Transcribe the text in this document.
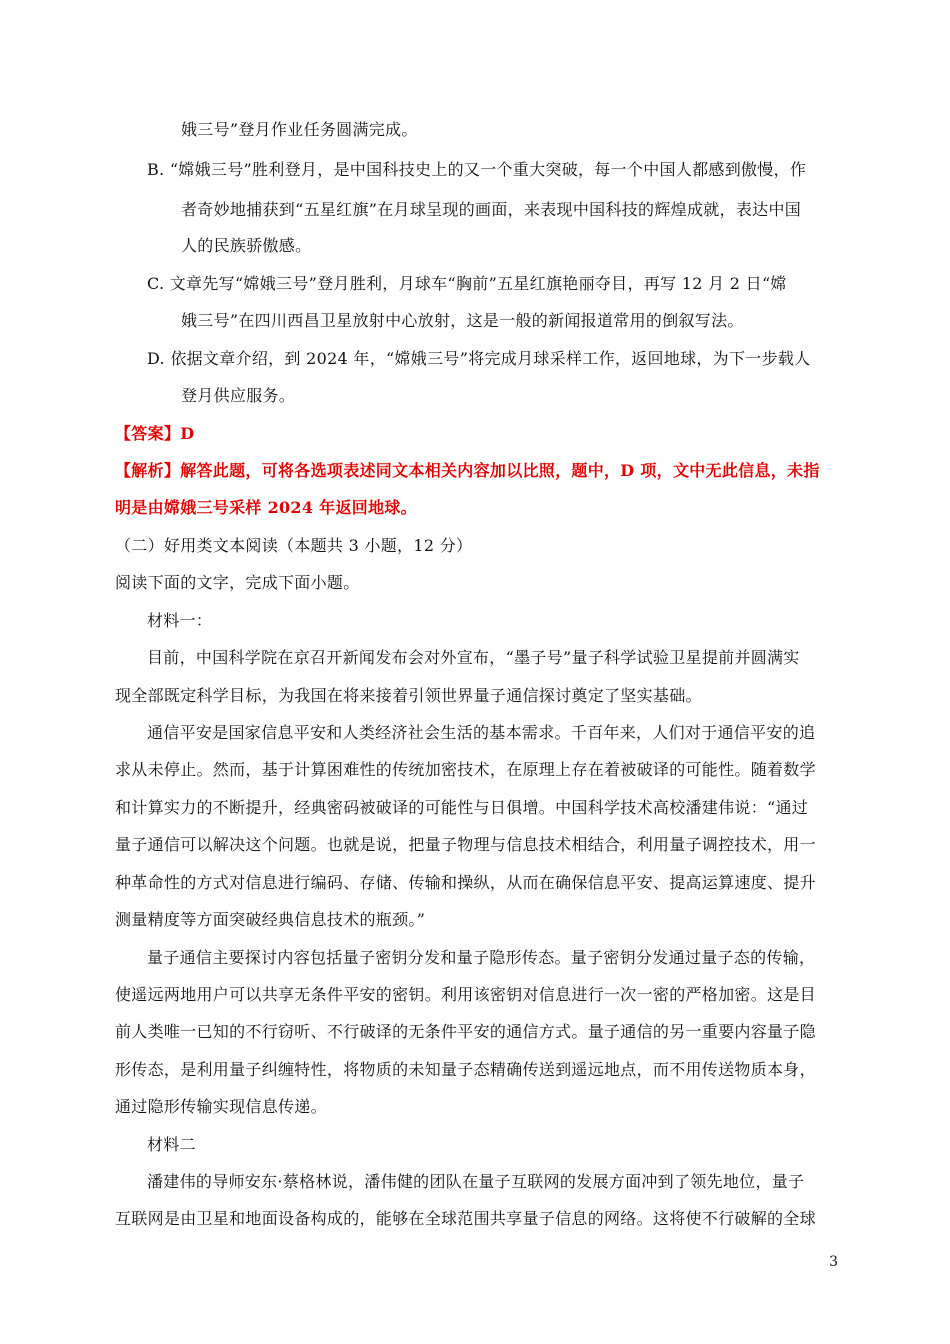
娥三号”登月作业任务圆满完成。
B. “嫦娥三号”胜利登月，是中国科技史上的又一个重大突破，每一个中国人都感到傲慢，作
者奇妙地捕获到“五星红旗”在月球呈现的画面，来表现中国科技的辉煌成就，表达中国
人的民族骄傲感。
C. 文章先写“嫦娥三号”登月胜利，月球车“胸前”五星红旗艳丽夺目，再写 12 月 2 日“嫦
娥三号”在四川西昌卫星放射中心放射，这是一般的新闻报道常用的倒叙写法。
D. 依据文章介绍，到 2024 年，“嫦娥三号”将完成月球采样工作，返回地球，为下一步载人
登月供应服务。
【答案】D
【解析】解答此题，可将各选项表述同文本相关内容加以比照，题中，D 项，文中无此信息，未指
明是由嫦娥三号采样 2024 年返回地球。
（二）好用类文本阅读（本题共 3 小题，12 分）
阅读下面的文字，完成下面小题。
材料一：
目前，中国科学院在京召开新闻发布会对外宣布，“墨子号”量子科学试验卫星提前并圆满实
现全部既定科学目标，为我国在将来接着引领世界量子通信探讨奠定了坚实基础。
通信平安是国家信息平安和人类经济社会生活的基本需求。千百年来，人们对于通信平安的追
求从未停止。然而，基于计算困难性的传统加密技术，在原理上存在着被破译的可能性。随着数学
和计算实力的不断提升，经典密码被破译的可能性与日俱增。中国科学技术高校潘建伟说：“通过
量子通信可以解决这个问题。也就是说，把量子物理与信息技术相结合，利用量子调控技术，用一
种革命性的方式对信息进行编码、存储、传输和操纵，从而在确保信息平安、提高运算速度、提升
测量精度等方面突破经典信息技术的瓶颈。”
量子通信主要探讨内容包括量子密钥分发和量子隐形传态。量子密钥分发通过量子态的传输，
使遥远两地用户可以共享无条件平安的密钥。利用该密钥对信息进行一次一密的严格加密。这是目
前人类唯一已知的不行窃听、不行破译的无条件平安的通信方式。量子通信的另一重要内容量子隐
形传态，是利用量子纠缠特性，将物质的未知量子态精确传送到遥远地点，而不用传送物质本身，
通过隐形传输实现信息传递。
材料二
潘建伟的导师安东·蔡格林说，潘伟健的团队在量子互联网的发展方面冲到了领先地位，量子
互联网是由卫星和地面设备构成的，能够在全球范围共享量子信息的网络。这将使不行破解的全球
3
